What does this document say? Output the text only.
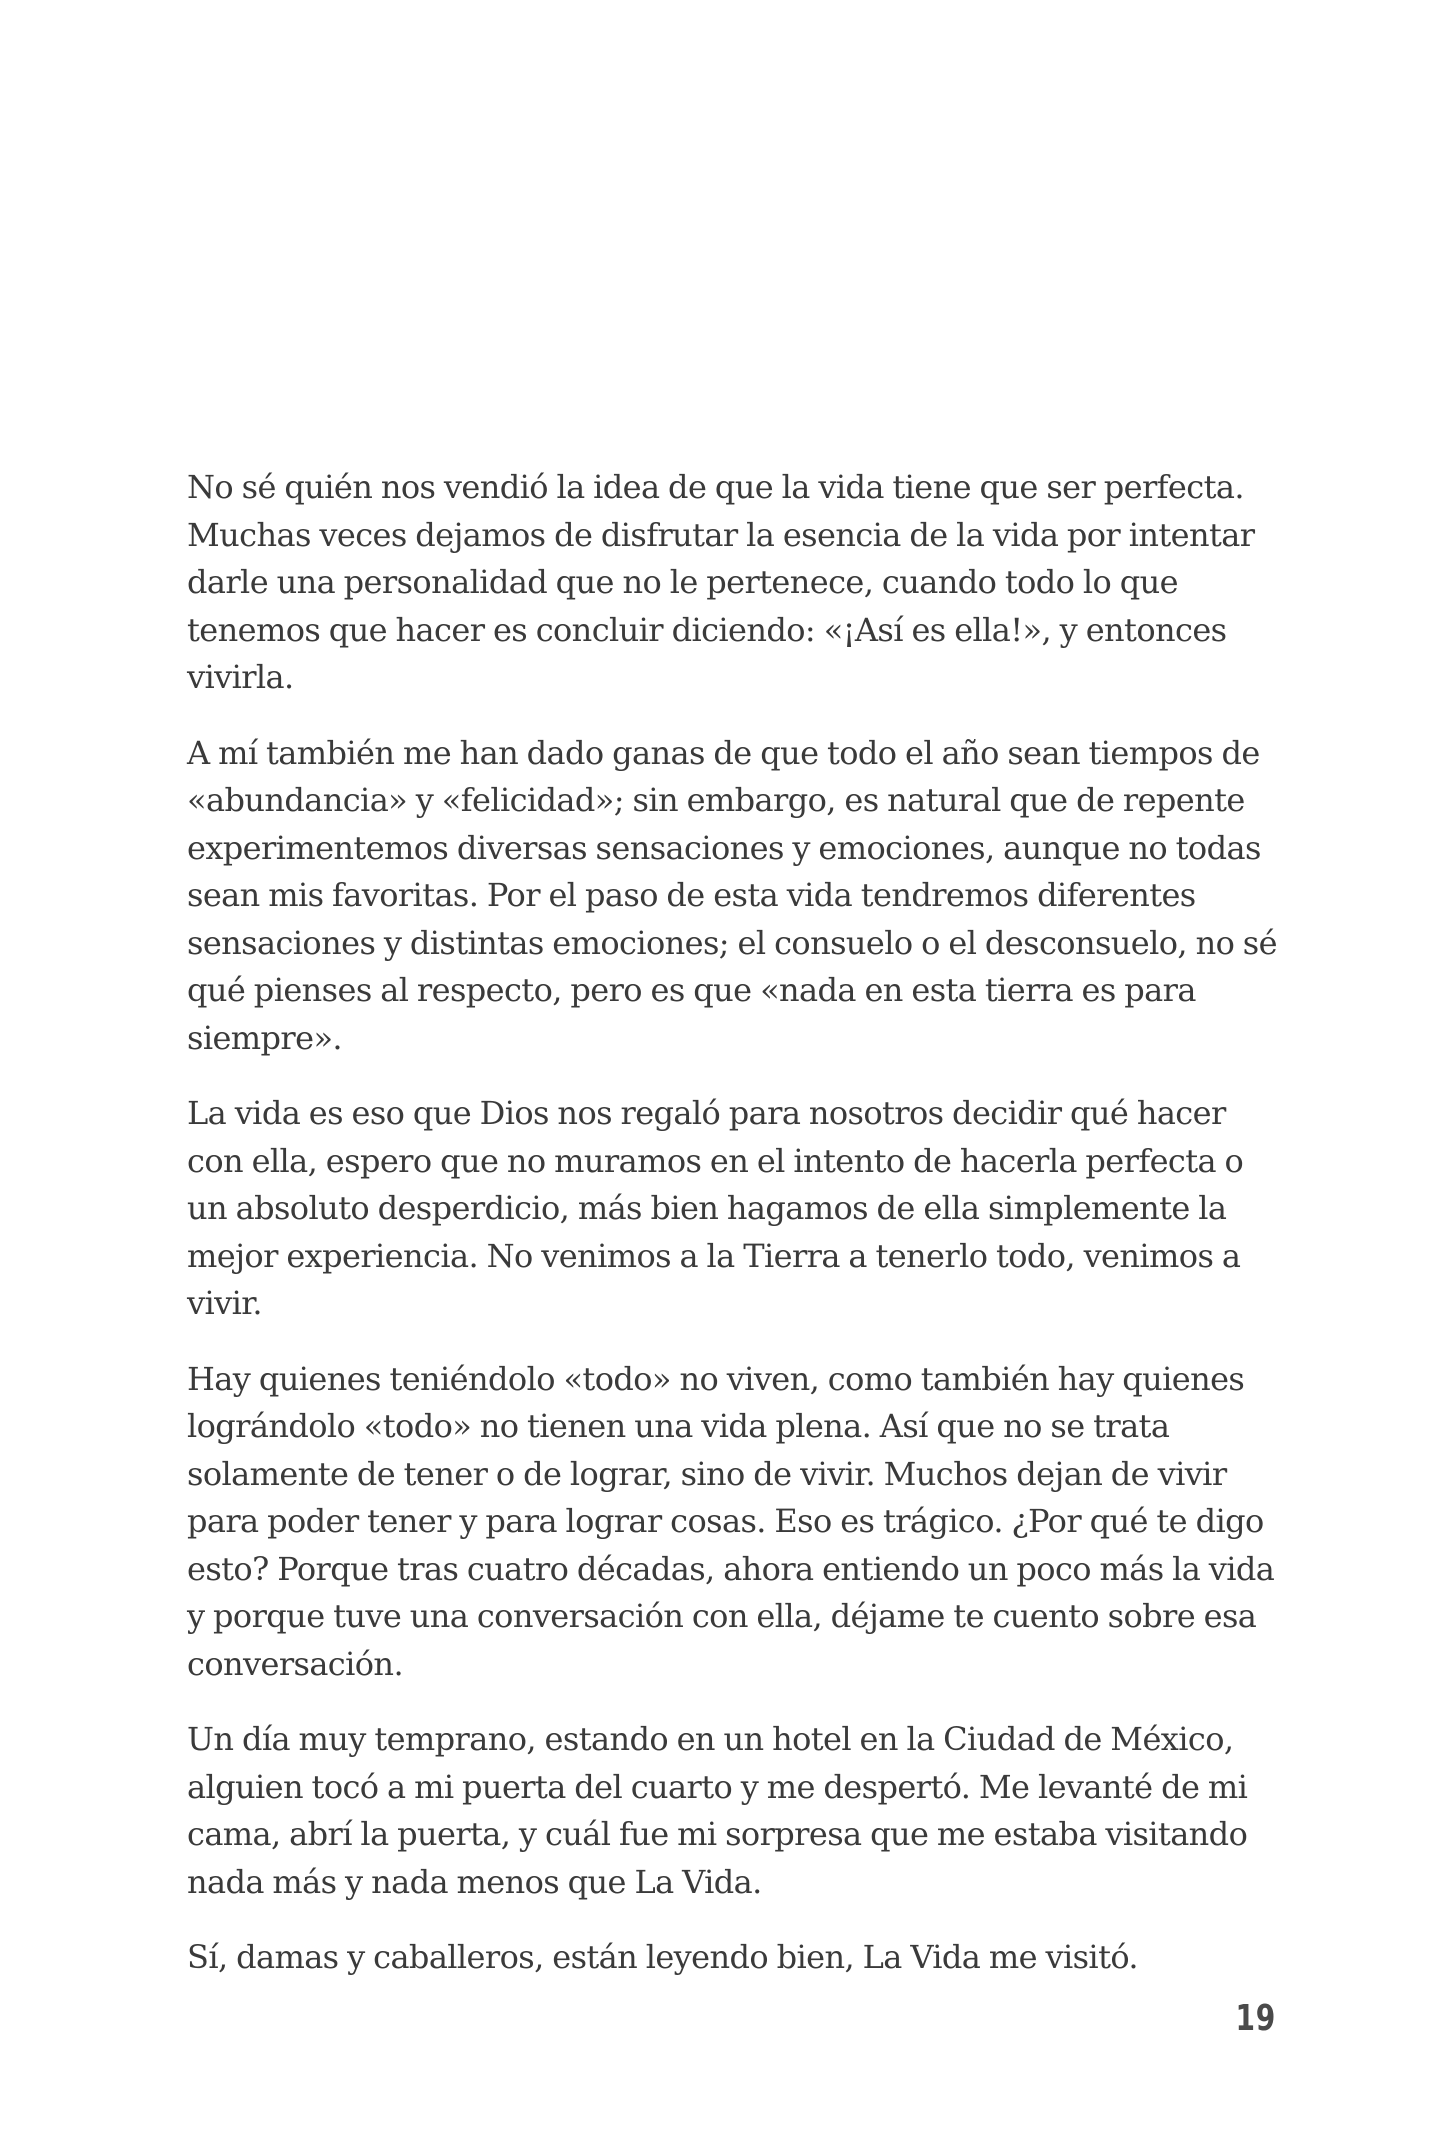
No sé quién nos vendió la idea de que la vida tiene que ser perfecta. Muchas veces dejamos de disfrutar la esencia de la vida por intentar darle una personalidad que no le pertenece, cuando todo lo que tenemos que hacer es concluir diciendo: «¡Así es ella!», y entonces vivirla.

A mí también me han dado ganas de que todo el año sean tiempos de «abundancia» y «felicidad»; sin embargo, es natural que de repente experimentemos diversas sensaciones y emociones, aunque no todas sean mis favoritas. Por el paso de esta vida tendremos diferentes sensaciones y distintas emociones; el consuelo o el desconsuelo, no sé qué pienses al respecto, pero es que «nada en esta tierra es para siempre».

La vida es eso que Dios nos regaló para nosotros decidir qué hacer con ella, espero que no muramos en el intento de hacerla perfecta o un absoluto desperdicio, más bien hagamos de ella simplemente la mejor experiencia. No venimos a la Tierra a tenerlo todo, venimos a vivir.

Hay quienes teniéndolo «todo» no viven, como también hay quienes lográndolo «todo» no tienen una vida plena. Así que no se trata solamente de tener o de lograr, sino de vivir. Muchos dejan de vivir para poder tener y para lograr cosas. Eso es trágico. ¿Por qué te digo esto? Porque tras cuatro décadas, ahora entiendo un poco más la vida y porque tuve una conversación con ella, déjame te cuento sobre esa conversación.

Un día muy temprano, estando en un hotel en la Ciudad de México, alguien tocó a mi puerta del cuarto y me despertó. Me levanté de mi cama, abrí la puerta, y cuál fue mi sorpresa que me estaba visitando nada más y nada menos que La Vida.

Sí, damas y caballeros, están leyendo bien, La Vida me visitó.

19
